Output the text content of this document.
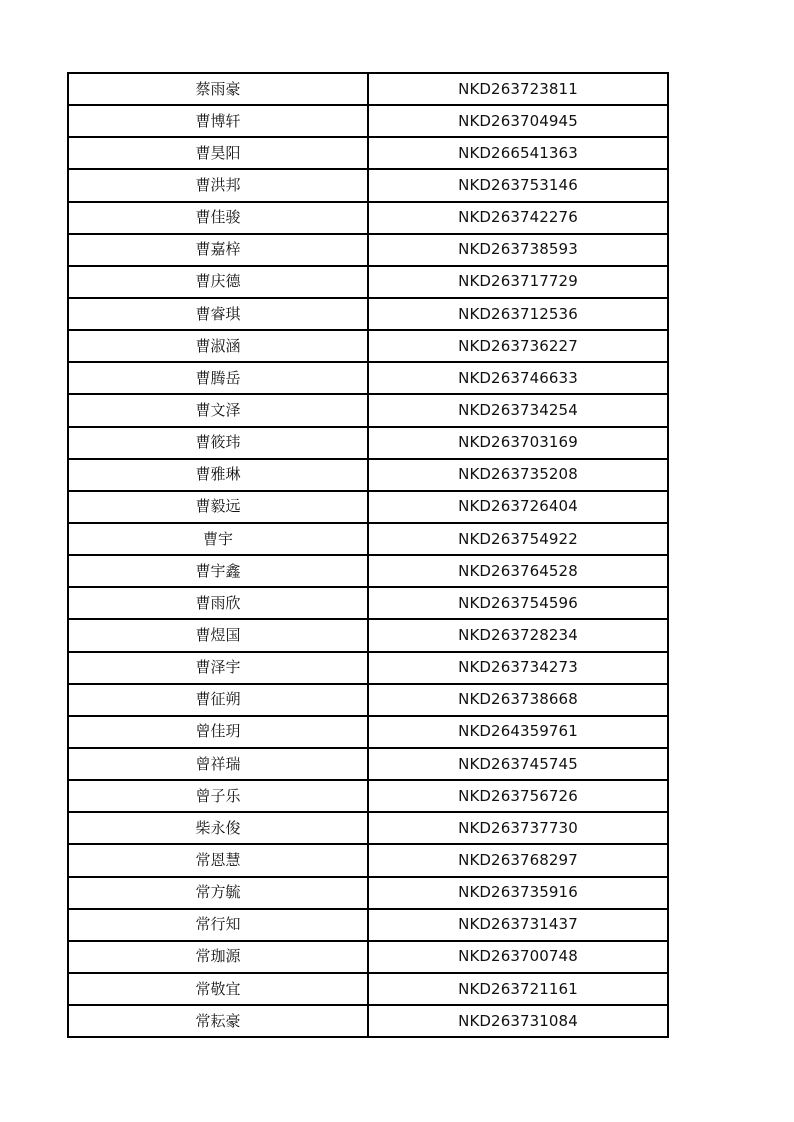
蔡雨豪	NKD263723811
曹博轩	NKD263704945
曹昊阳	NKD266541363
曹洪邦	NKD263753146
曹佳骏	NKD263742276
曹嘉梓	NKD263738593
曹庆德	NKD263717729
曹睿琪	NKD263712536
曹淑涵	NKD263736227
曹腾岳	NKD263746633
曹文泽	NKD263734254
曹筱玮	NKD263703169
曹雅琳	NKD263735208
曹毅远	NKD263726404
曹宇	NKD263754922
曹宇鑫	NKD263764528
曹雨欣	NKD263754596
曹煜国	NKD263728234
曹泽宇	NKD263734273
曹征朔	NKD263738668
曾佳玥	NKD264359761
曾祥瑞	NKD263745745
曾子乐	NKD263756726
柴永俊	NKD263737730
常恩慧	NKD263768297
常方毓	NKD263735916
常行知	NKD263731437
常珈源	NKD263700748
常敬宜	NKD263721161
常耘豪	NKD263731084
